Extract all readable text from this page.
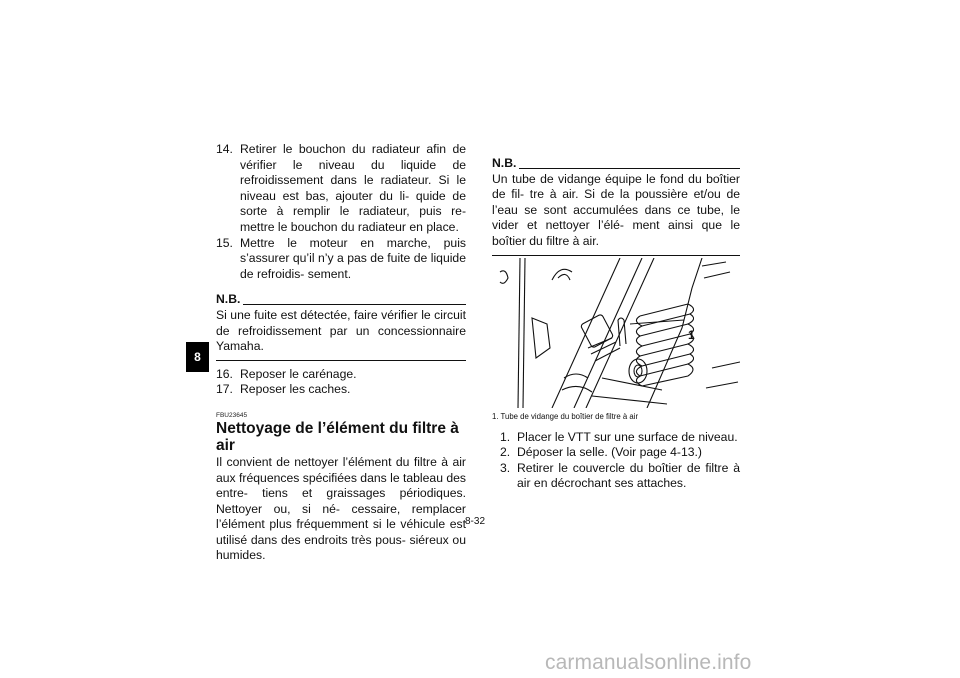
8
14. Retirer le bouchon du radiateur afin de vérifier le niveau du liquide de refroidissement dans le radiateur. Si le niveau est bas, ajouter du li- quide de sorte à remplir le radiateur, puis re- mettre le bouchon du radiateur en place.
15. Mettre le moteur en marche, puis s’assurer qu’il n’y a pas de fuite de liquide de refroidis- sement.
N.B.
Si une fuite est détectée, faire vérifier le circuit de refroidissement par un concessionnaire Yamaha.
16. Reposer le carénage.
17. Reposer les caches.
FBU23645
Nettoyage de l’élément du filtre à air
Il convient de nettoyer l’élément du filtre à air aux fréquences spécifiées dans le tableau des entre- tiens et graissages périodiques. Nettoyer ou, si né- cessaire, remplacer l’élément plus fréquemment si le véhicule est utilisé dans des endroits très pous- siéreux ou humides.
N.B.
Un tube de vidange équipe le fond du boîtier de fil- tre à air. Si de la poussière et/ou de l’eau se sont accumulées dans ce tube, le vider et nettoyer l’élé- ment ainsi que le boîtier du filtre à air.
1
1. Tube de vidange du boîtier de filtre à air
1. Placer le VTT sur une surface de niveau.
2. Déposer la selle. (Voir page 4-13.)
3. Retirer le couvercle du boîtier de filtre à air en décrochant ses attaches.
8-32
carmanualsonline.info
